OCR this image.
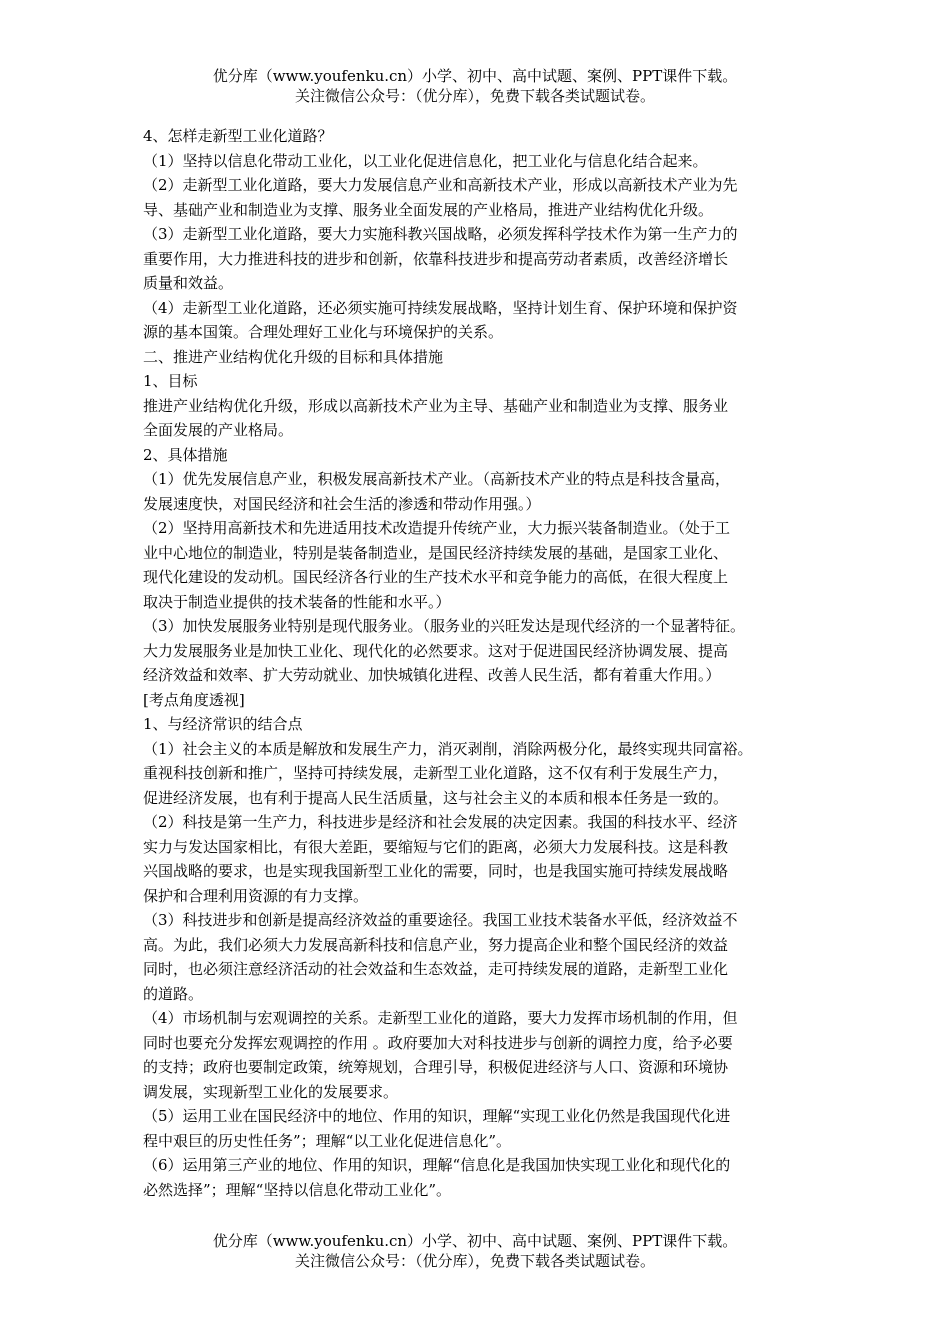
优分库（www.youfenku.cn）小学、初中、高中试题、案例、PPT课件下载。
关注微信公众号：（优分库），免费下载各类试题试卷。
4、怎样走新型工业化道路？
（1）坚持以信息化带动工业化，以工业化促进信息化，把工业化与信息化结合起来。
（2）走新型工业化道路，要大力发展信息产业和高新技术产业，形成以高新技术产业为先
导、基础产业和制造业为支撑、服务业全面发展的产业格局，推进产业结构优化升级。
（3）走新型工业化道路，要大力实施科教兴国战略，必须发挥科学技术作为第一生产力的
重要作用，大力推进科技的进步和创新，依靠科技进步和提高劳动者素质，改善经济增长
质量和效益。
（4）走新型工业化道路，还必须实施可持续发展战略，坚持计划生育、保护环境和保护资
源的基本国策。合理处理好工业化与环境保护的关系。
二、推进产业结构优化升级的目标和具体措施
1、目标
推进产业结构优化升级，形成以高新技术产业为主导、基础产业和制造业为支撑、服务业
全面发展的产业格局。
2、具体措施
（1）优先发展信息产业，积极发展高新技术产业。（高新技术产业的特点是科技含量高，
发展速度快，对国民经济和社会生活的渗透和带动作用强。）
（2）坚持用高新技术和先进适用技术改造提升传统产业，大力振兴装备制造业。（处于工
业中心地位的制造业，特别是装备制造业，是国民经济持续发展的基础，是国家工业化、
现代化建设的发动机。国民经济各行业的生产技术水平和竞争能力的高低，在很大程度上
取决于制造业提供的技术装备的性能和水平。）
（3）加快发展服务业特别是现代服务业。（服务业的兴旺发达是现代经济的一个显著特征。
大力发展服务业是加快工业化、现代化的必然要求。这对于促进国民经济协调发展、提高
经济效益和效率、扩大劳动就业、加快城镇化进程、改善人民生活，都有着重大作用。）
[考点角度透视]
1、与经济常识的结合点
（1）社会主义的本质是解放和发展生产力，消灭剥削，消除两极分化，最终实现共同富裕。
重视科技创新和推广，坚持可持续发展，走新型工业化道路，这不仅有利于发展生产力，
促进经济发展，也有利于提高人民生活质量，这与社会主义的本质和根本任务是一致的。
（2）科技是第一生产力，科技进步是经济和社会发展的决定因素。我国的科技水平、经济
实力与发达国家相比，有很大差距，要缩短与它们的距离，必须大力发展科技。这是科教
兴国战略的要求，也是实现我国新型工业化的需要，同时，也是我国实施可持续发展战略
保护和合理利用资源的有力支撑。
（3）科技进步和创新是提高经济效益的重要途径。我国工业技术装备水平低，经济效益不
高。为此，我们必须大力发展高新科技和信息产业，努力提高企业和整个国民经济的效益
同时，也必须注意经济活动的社会效益和生态效益，走可持续发展的道路，走新型工业化
的道路。
（4）市场机制与宏观调控的关系。走新型工业化的道路，要大力发挥市场机制的作用，但
同时也要充分发挥宏观调控的作用 。政府要加大对科技进步与创新的调控力度，给予必要
的支持；政府也要制定政策，统筹规划，合理引导，积极促进经济与人口、资源和环境协
调发展，实现新型工业化的发展要求。
（5）运用工业在国民经济中的地位、作用的知识，理解“实现工业化仍然是我国现代化进
程中艰巨的历史性任务”；理解“以工业化促进信息化”。
（6）运用第三产业的地位、作用的知识，理解“信息化是我国加快实现工业化和现代化的
必然选择”；理解“坚持以信息化带动工业化”。
优分库（www.youfenku.cn）小学、初中、高中试题、案例、PPT课件下载。
关注微信公众号：（优分库），免费下载各类试题试卷。
